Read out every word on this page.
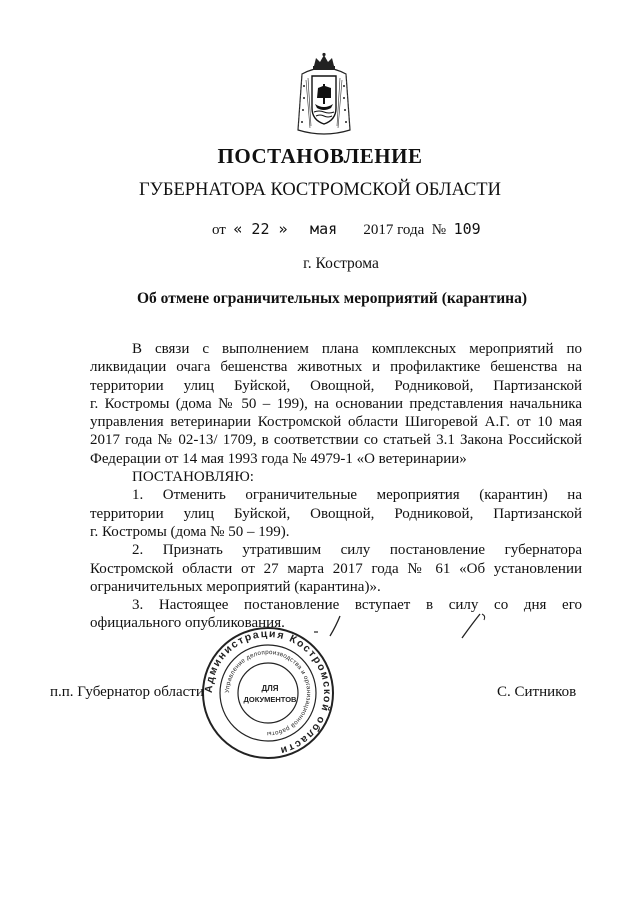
ПОСТАНОВЛЕНИЕ
ГУБЕРНАТОРА КОСТРОМСКОЙ ОБЛАСТИ
от « 22 » мая 2017 года № 109
г. Кострома
Об отмене ограничительных мероприятий (карантина)

В связи с выполнением плана комплексных мероприятий по

ликвидации очага бешенства животных и профилактике бешенства на

территории улиц Буйской, Овощной, Родниковой, Партизанской

г. Костромы (дома № 50 – 199), на основании представления начальника

управления ветеринарии Костромской области Шигоревой А.Г. от 10 мая

2017 года № 02-13/ 1709, в соответствии со статьей 3.1 Закона Российской

Федерации от 14 мая 1993 года № 4979-1 «О ветеринарии»

ПОСТАНОВЛЯЮ:

1. Отменить ограничительные мероприятия (карантин) на

территории улиц Буйской, Овощной, Родниковой, Партизанской

г. Костромы (дома № 50 – 199).

2. Признать утратившим силу постановление губернатора

Костромской области от 27 марта 2017 года № 61 «Об установлении

ограничительных мероприятий (карантина)».

3. Настоящее постановление вступает в силу со дня его

официального опубликования.

Администрация Костромской области
Управление делопроизводства и организационной работы
ДЛЯ
ДОКУМЕНТОВ
п.п. Губернатор области	С. Ситников
